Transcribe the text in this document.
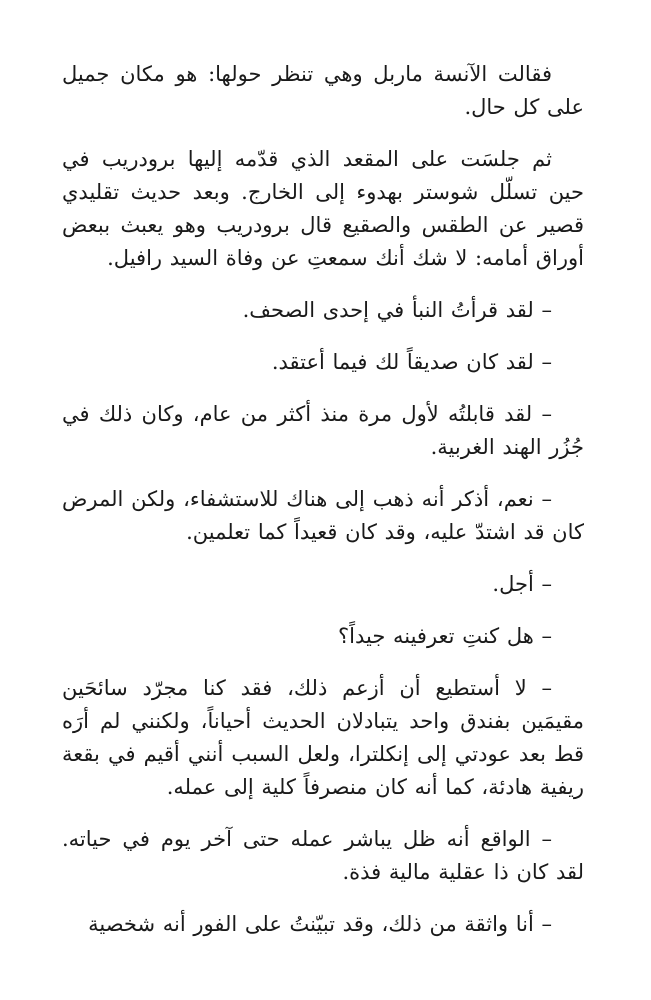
فقالت الآنسة ماربل وهي تنظر حولها: هو مكان جميل على كل حال.

ثم جلسَت على المقعد الذي قدّمه إليها برودريب في حين تسلّل شوستر بهدوء إلى الخارج. وبعد حديث تقليدي قصير عن الطقس والصقيع قال برودريب وهو يعبث ببعض أوراق أمامه: لا شك أنك سمعتِ عن وفاة السيد رافيل.

– لقد قرأتُ النبأ في إحدى الصحف.

– لقد كان صديقاً لك فيما أعتقد.

– لقد قابلتُه لأول مرة منذ أكثر من عام، وكان ذلك في جُزُر الهند الغربية.

– نعم، أذكر أنه ذهب إلى هناك للاستشفاء، ولكن المرض كان قد اشتدّ عليه، وقد كان قعيداً كما تعلمين.

– أجل.

– هل كنتِ تعرفينه جيداً؟

– لا أستطيع أن أزعم ذلك، فقد كنا مجرّد سائحَين مقيمَين بفندق واحد يتبادلان الحديث أحياناً، ولكنني لم أرَه قط بعد عودتي إلى إنكلترا، ولعل السبب أنني أقيم في بقعة ريفية هادئة، كما أنه كان منصرفاً كلية إلى عمله.

– الواقع أنه ظل يباشر عمله حتى آخر يوم في حياته. لقد كان ذا عقلية مالية فذة.

– أنا واثقة من ذلك، وقد تبيّنتُ على الفور أنه شخصية
